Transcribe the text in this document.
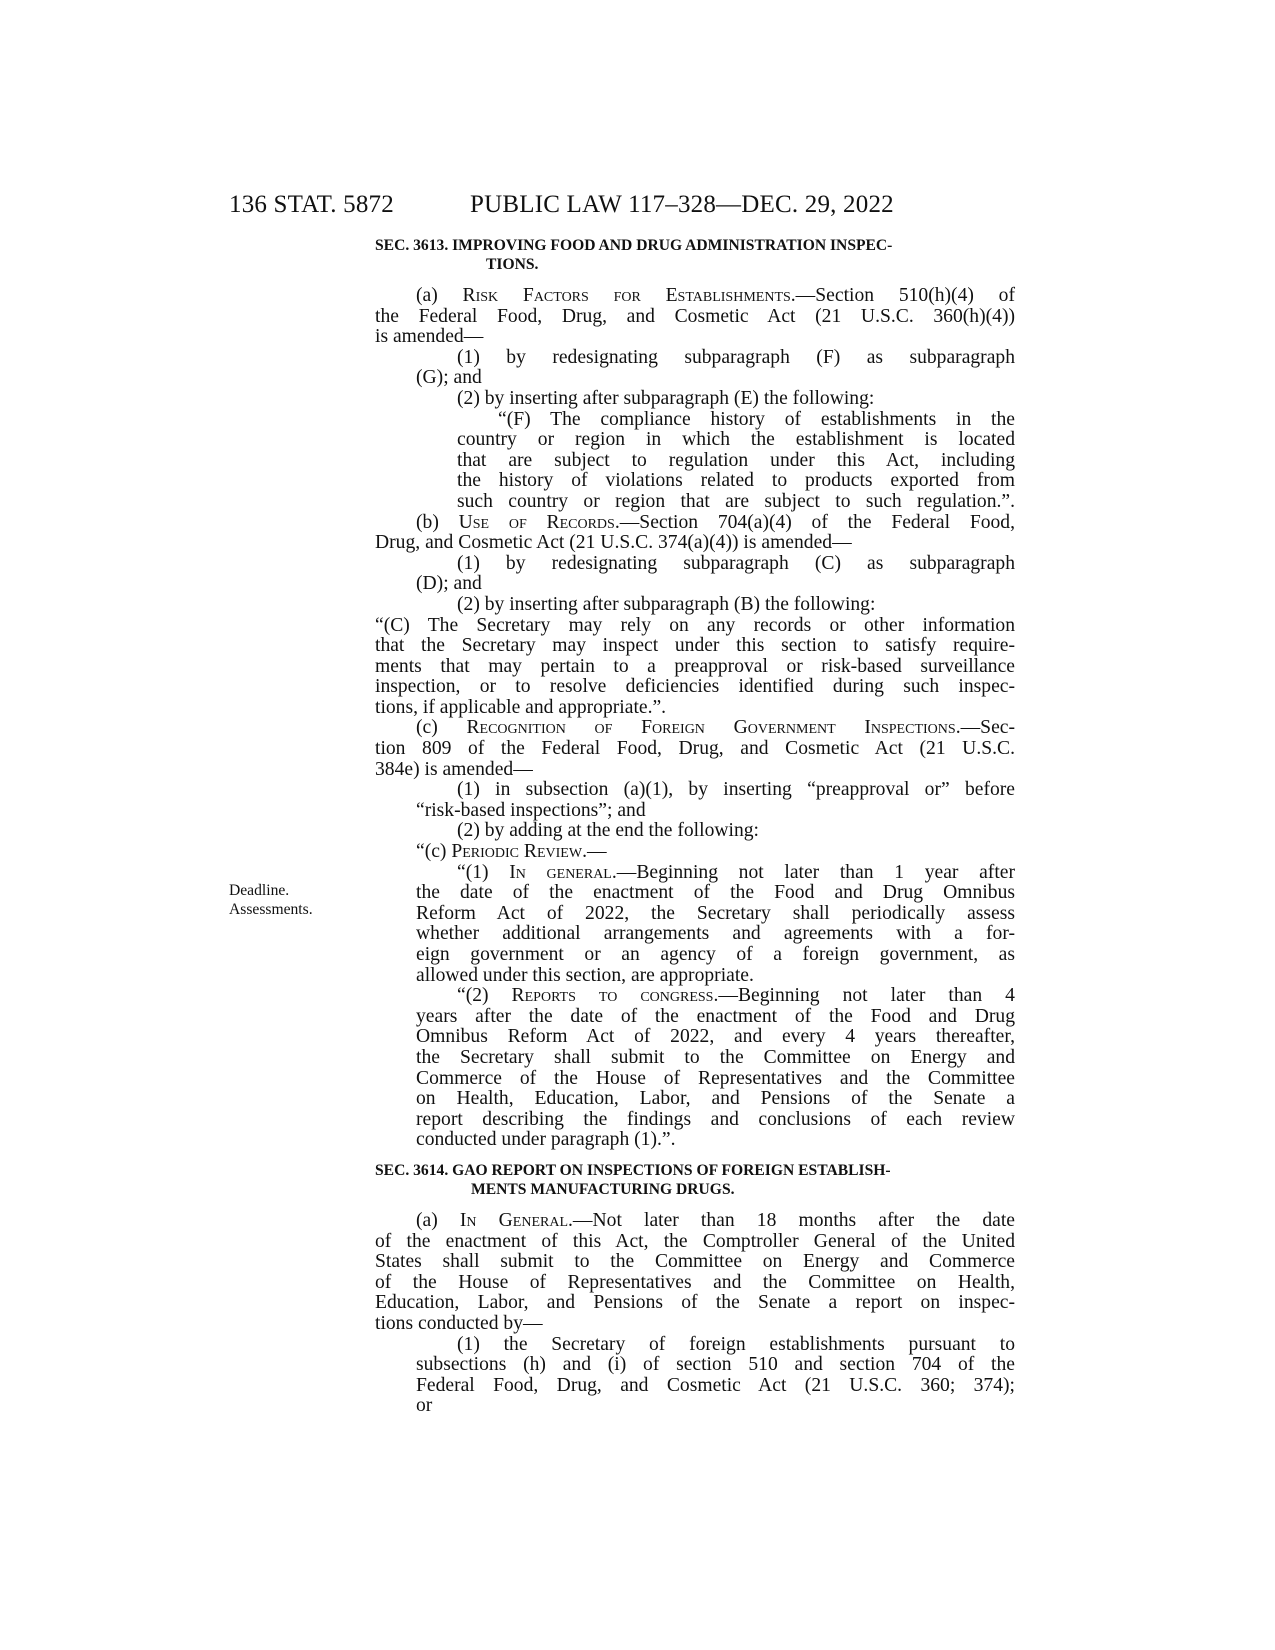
136 STAT. 5872	PUBLIC LAW 117–328—DEC. 29, 2022
Deadline.
Assessments.
SEC. 3613. IMPROVING FOOD AND DRUG ADMINISTRATION INSPEC-
TIONS.
(a) Risk Factors for Establishments.—Section 510(h)(4) of
the Federal Food, Drug, and Cosmetic Act (21 U.S.C. 360(h)(4))
is amended—
(1) by redesignating subparagraph (F) as subparagraph
(G); and
(2) by inserting after subparagraph (E) the following:
“(F) The compliance history of establishments in the
country or region in which the establishment is located
that are subject to regulation under this Act, including
the history of violations related to products exported from
such country or region that are subject to such regulation.”.
(b) Use of Records.—Section 704(a)(4) of the Federal Food,
Drug, and Cosmetic Act (21 U.S.C. 374(a)(4)) is amended—
(1) by redesignating subparagraph (C) as subparagraph
(D); and
(2) by inserting after subparagraph (B) the following:
“(C) The Secretary may rely on any records or other information
that the Secretary may inspect under this section to satisfy require-
ments that may pertain to a preapproval or risk-based surveillance
inspection, or to resolve deficiencies identified during such inspec-
tions, if applicable and appropriate.”.
(c) Recognition of Foreign Government Inspections.—Sec-
tion 809 of the Federal Food, Drug, and Cosmetic Act (21 U.S.C.
384e) is amended—
(1) in subsection (a)(1), by inserting “preapproval or” before
“risk-based inspections”; and
(2) by adding at the end the following:
“(c) Periodic Review.—
“(1) In general.—Beginning not later than 1 year after
the date of the enactment of the Food and Drug Omnibus
Reform Act of 2022, the Secretary shall periodically assess
whether additional arrangements and agreements with a for-
eign government or an agency of a foreign government, as
allowed under this section, are appropriate.
“(2) Reports to congress.—Beginning not later than 4
years after the date of the enactment of the Food and Drug
Omnibus Reform Act of 2022, and every 4 years thereafter,
the Secretary shall submit to the Committee on Energy and
Commerce of the House of Representatives and the Committee
on Health, Education, Labor, and Pensions of the Senate a
report describing the findings and conclusions of each review
conducted under paragraph (1).”.
SEC. 3614. GAO REPORT ON INSPECTIONS OF FOREIGN ESTABLISH-
MENTS MANUFACTURING DRUGS.
(a) In General.—Not later than 18 months after the date
of the enactment of this Act, the Comptroller General of the United
States shall submit to the Committee on Energy and Commerce
of the House of Representatives and the Committee on Health,
Education, Labor, and Pensions of the Senate a report on inspec-
tions conducted by—
(1) the Secretary of foreign establishments pursuant to
subsections (h) and (i) of section 510 and section 704 of the
Federal Food, Drug, and Cosmetic Act (21 U.S.C. 360; 374);
or
